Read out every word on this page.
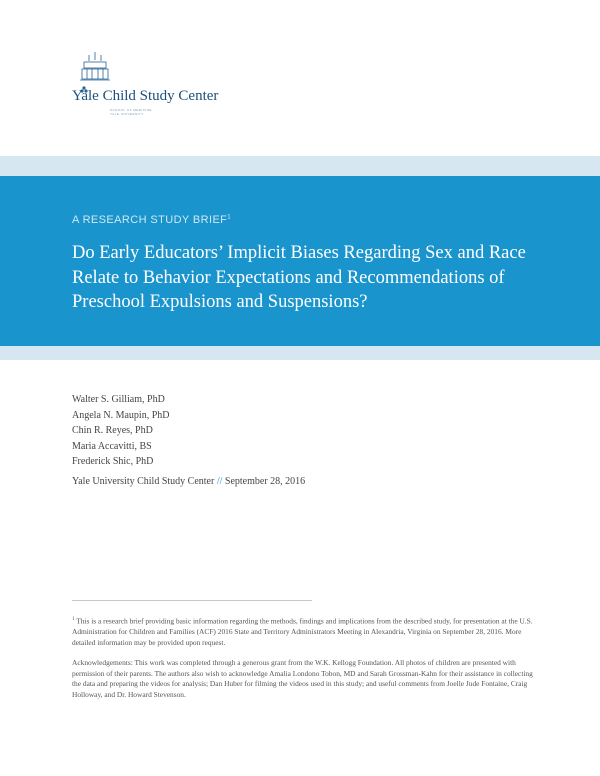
Yale Child Study Center
SCHOOL OF MEDICINE
YALE UNIVERSITY
A RESEARCH STUDY BRIEF$^1$
Do Early Educators’ Implicit Biases Regarding Sex and Race Relate to Behavior Expectations and Recommendations of Preschool Expulsions and Suspensions?
Walter S. Gilliam, PhD
Angela N. Maupin, PhD
Chin R. Reyes, PhD
Maria Accavitti, BS
Frederick Shic, PhD
Yale University Child Study Center // September 28, 2016

$^1$ This is a research brief providing basic information regarding the methods, findings and implications from the described study, for presentation at the U.S. Administration for Children and Families (ACF) 2016 State and Territory Administrators Meeting in Alexandria, Virginia on September 28, 2016. More detailed information may be provided upon request.

Acknowledgements: This work was completed through a generous grant from the W.K. Kellogg Foundation. All photos of children are presented with permission of their parents. The authors also wish to acknowledge Amalia Londono Tobon, MD and Sarah Grossman-Kahn for their assistance in collecting the data and preparing the videos for analysis; Dan Huber for filming the videos used in this study; and useful comments from Joelle Jude Fontaine, Craig Holloway, and Dr. Howard Stevenson.
